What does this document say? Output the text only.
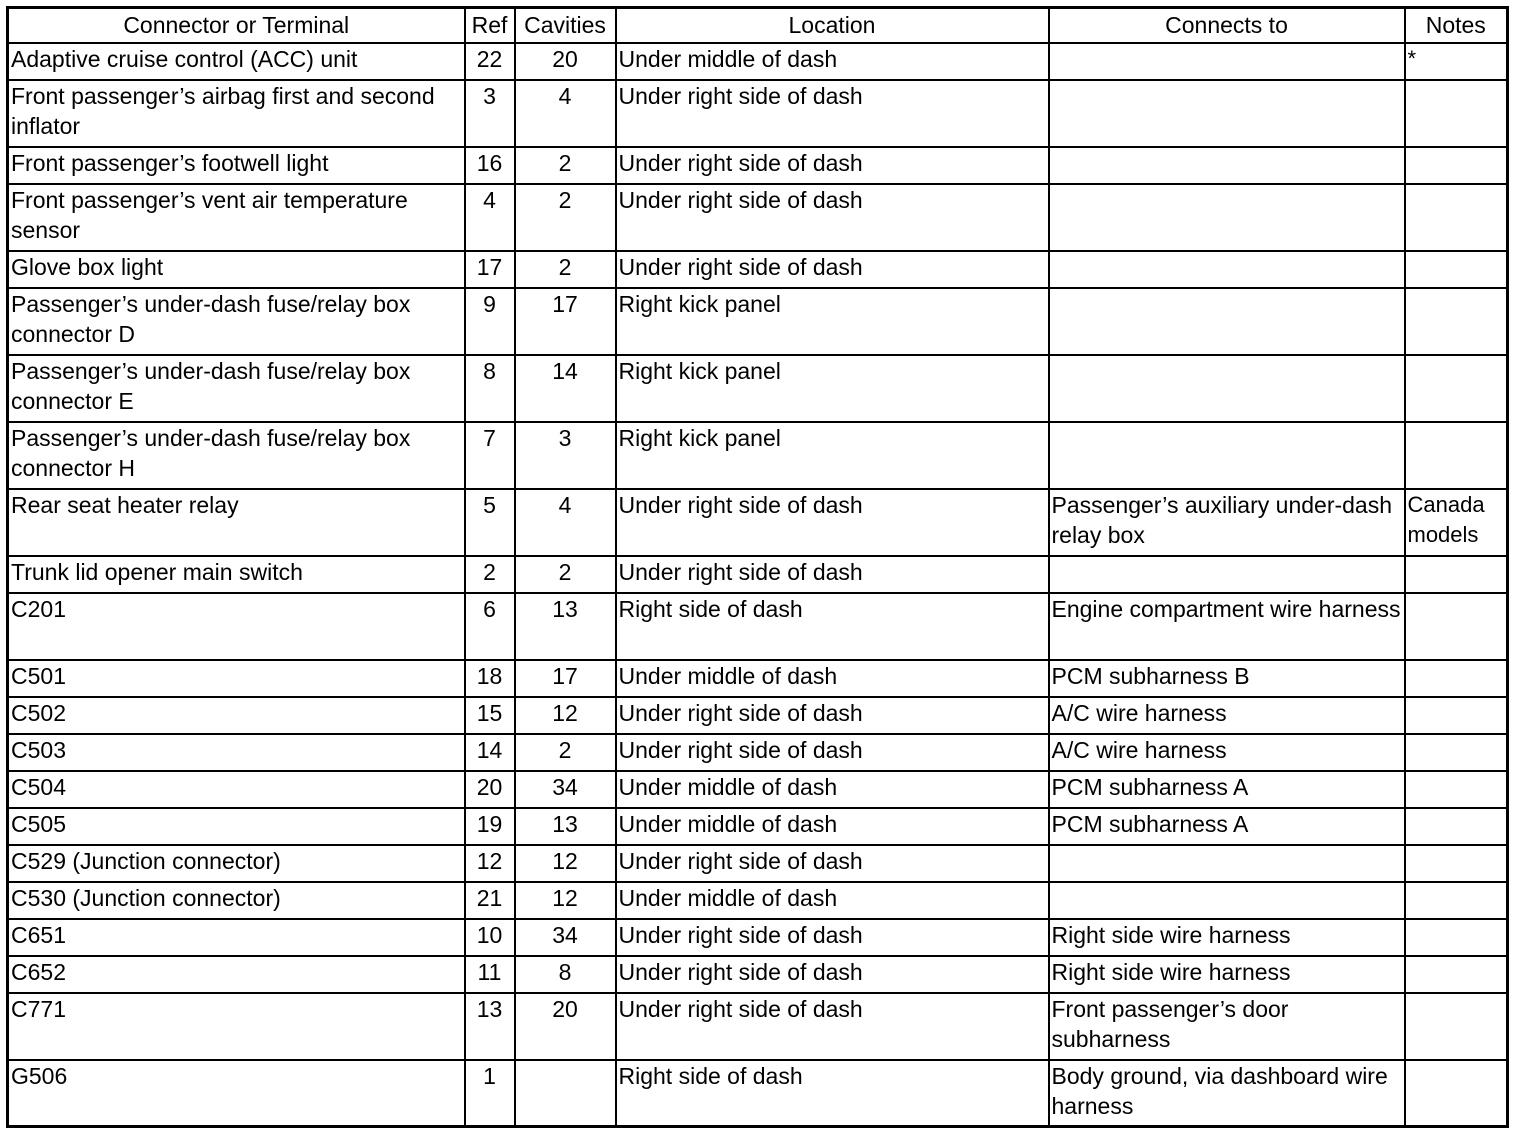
Connector or Terminal	Ref	Cavities	Location	Connects to	Notes
Adaptive cruise control (ACC) unit	22	20	Under middle of dash		*
Front passenger’s airbag first and second inflator	3	4	Under right side of dash		
Front passenger’s footwell light	16	2	Under right side of dash		
Front passenger’s vent air temperature sensor	4	2	Under right side of dash		
Glove box light	17	2	Under right side of dash		
Passenger’s under-dash fuse/relay box connector D	9	17	Right kick panel		
Passenger’s under-dash fuse/relay box connector E	8	14	Right kick panel		
Passenger’s under-dash fuse/relay box connector H	7	3	Right kick panel		
Rear seat heater relay	5	4	Under right side of dash	Passenger’s auxiliary under-dash relay box	Canada models
Trunk lid opener main switch	2	2	Under right side of dash		
C201	6	13	Right side of dash	Engine compartment wire harness	
C501	18	17	Under middle of dash	PCM subharness B	
C502	15	12	Under right side of dash	A/C wire harness	
C503	14	2	Under right side of dash	A/C wire harness	
C504	20	34	Under middle of dash	PCM subharness A	
C505	19	13	Under middle of dash	PCM subharness A	
C529 (Junction connector)	12	12	Under right side of dash		
C530 (Junction connector)	21	12	Under middle of dash		
C651	10	34	Under right side of dash	Right side wire harness	
C652	11	8	Under right side of dash	Right side wire harness	
C771	13	20	Under right side of dash	Front passenger’s door subharness	
G506	1		Right side of dash	Body ground, via dashboard wire harness	
